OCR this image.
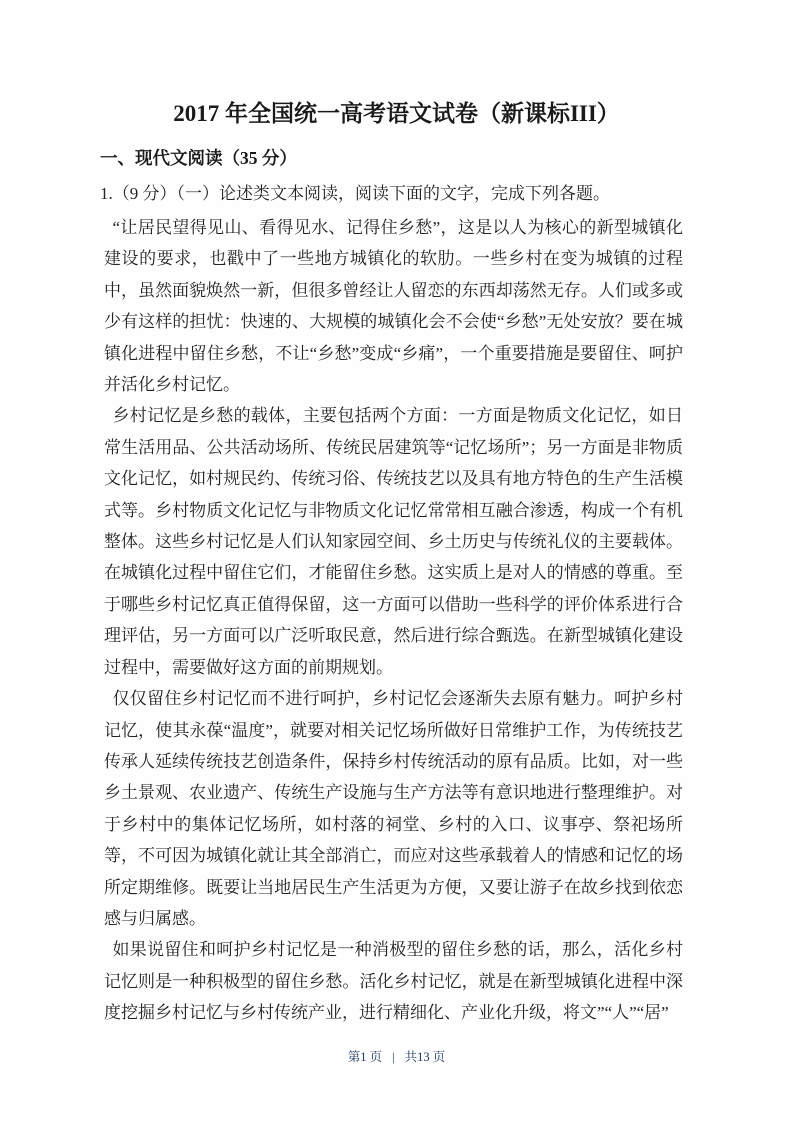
2017 年全国统一高考语文试卷（新课标III）
一、现代文阅读（35 分）
1.（9 分）（一）论述类文本阅读，阅读下面的文字，完成下列各题。

“让居民望得见山、看得见水、记得住乡愁”，这是以人为核心的新型城镇化建设的要求，也戳中了一些地方城镇化的软肋。一些乡村在变为城镇的过程中，虽然面貌焕然一新，但很多曾经让人留恋的东西却荡然无存。人们或多或少有这样的担忧：快速的、大规模的城镇化会不会使“乡愁”无处安放？要在城镇化进程中留住乡愁，不让“乡愁”变成“乡痛”，一个重要措施是要留住、呵护并活化乡村记忆。

乡村记忆是乡愁的载体，主要包括两个方面：一方面是物质文化记忆，如日常生活用品、公共活动场所、传统民居建筑等“记忆场所”；另一方面是非物质文化记忆，如村规民约、传统习俗、传统技艺以及具有地方特色的生产生活模式等。乡村物质文化记忆与非物质文化记忆常常相互融合渗透，构成一个有机整体。这些乡村记忆是人们认知家园空间、乡土历史与传统礼仪的主要载体。在城镇化过程中留住它们，才能留住乡愁。这实质上是对人的情感的尊重。至于哪些乡村记忆真正值得保留，这一方面可以借助一些科学的评价体系进行合理评估，另一方面可以广泛听取民意，然后进行综合甄选。在新型城镇化建设过程中，需要做好这方面的前期规划。

仅仅留住乡村记忆而不进行呵护，乡村记忆会逐渐失去原有魅力。呵护乡村记忆，使其永葆“温度”，就要对相关记忆场所做好日常维护工作，为传统技艺传承人延续传统技艺创造条件，保持乡村传统活动的原有品质。比如，对一些乡土景观、农业遗产、传统生产设施与生产方法等有意识地进行整理维护。对于乡村中的集体记忆场所，如村落的祠堂、乡村的入口、议事亭、祭祀场所等，不可因为城镇化就让其全部消亡，而应对这些承载着人的情感和记忆的场所定期维修。既要让当地居民生产生活更为方便，又要让游子在故乡找到依恋感与归属感。

如果说留住和呵护乡村记忆是一种消极型的留住乡愁的话，那么，活化乡村记忆则是一种积极型的留住乡愁。活化乡村记忆，就是在新型城镇化进程中深度挖掘乡村记忆与乡村传统产业，进行精细化、产业化升级，将文”“人”“居”

第1 页 | 共13 页
